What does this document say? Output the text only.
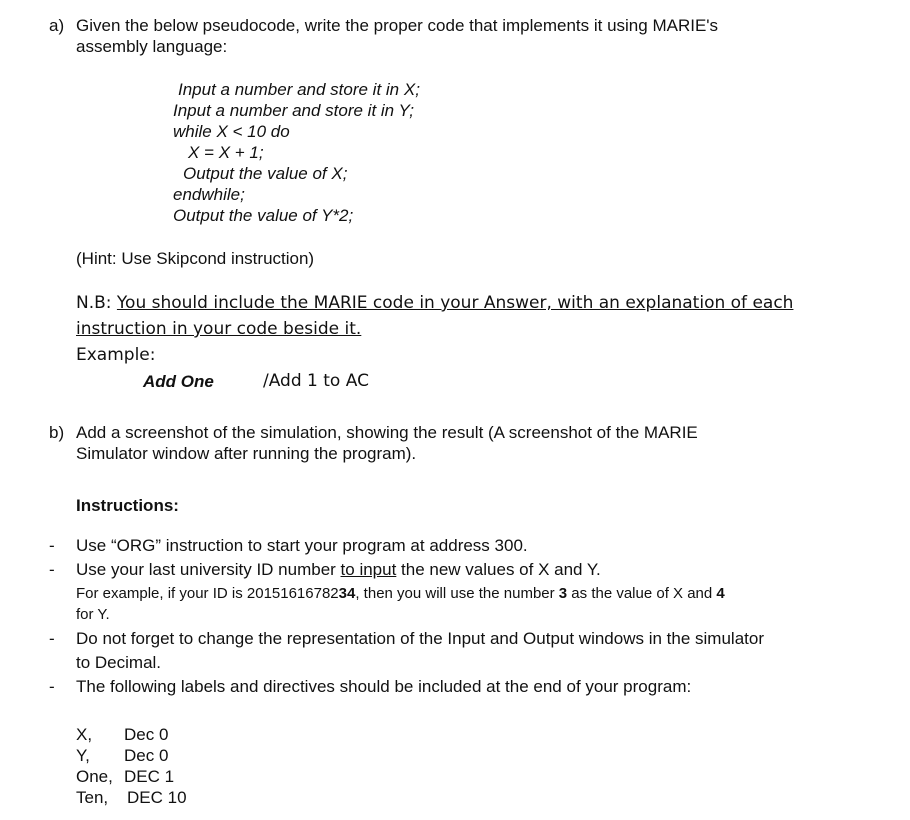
a) Given the below pseudocode, write the proper code that implements it using MARIE's
assembly language:
Input a number and store it in X;
Input a number and store it in Y;
while X < 10 do
X = X + 1;
Output the value of X;
endwhile;
Output the value of Y*2;
(Hint: Use Skipcond instruction)
N.B: You should include the MARIE code in your Answer, with an explanation of each
instruction in your code beside it.
Example:
Add One	/Add 1 to AC
b) Add a screenshot of the simulation, showing the result (A screenshot of the MARIE
Simulator window after running the program).
Instructions:
- Use “ORG” instruction to start your program at address 300.
- Use your last university ID number to input the new values of X and Y.
For example, if your ID is 2015161678234, then you will use the number 3 as the value of X and 4
for Y.
- Do not forget to change the representation of the Input and Output windows in the simulator
to Decimal.
- The following labels and directives should be included at the end of your program:
X, Dec 0
Y, Dec 0
One, DEC 1
Ten, DEC 10
